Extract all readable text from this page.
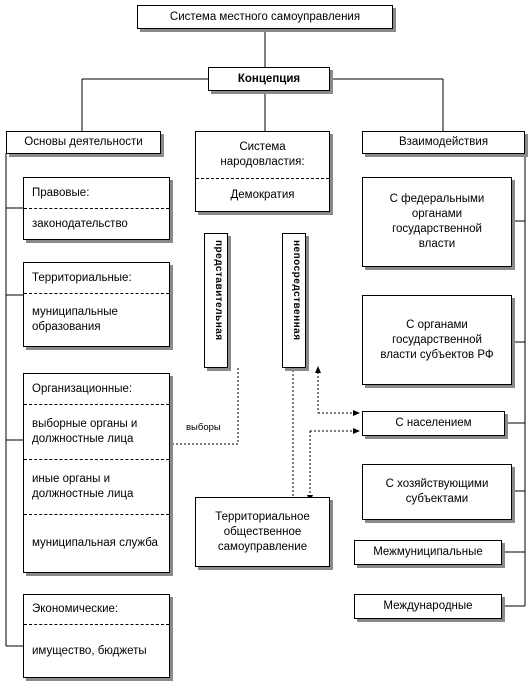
Система местного самоуправления
Концепция
Основы деятельности
Правовые:
законодательство
Территориальные:
муниципальные образования
Организационные:
выборные органы и должностные лица
иные органы и должностные лица
муниципальная служба
Экономические:
имущество, бюджеты
Система народовластия:
Демократия
представительная	непосредственная
выборы
Территориальное общественное самоуправление
Взаимодействия
С федеральными органами государственной власти
С органами государственной власти субъектов РФ
С населением
С хозяйствующими субъектами
Межмуниципальные
Международные
